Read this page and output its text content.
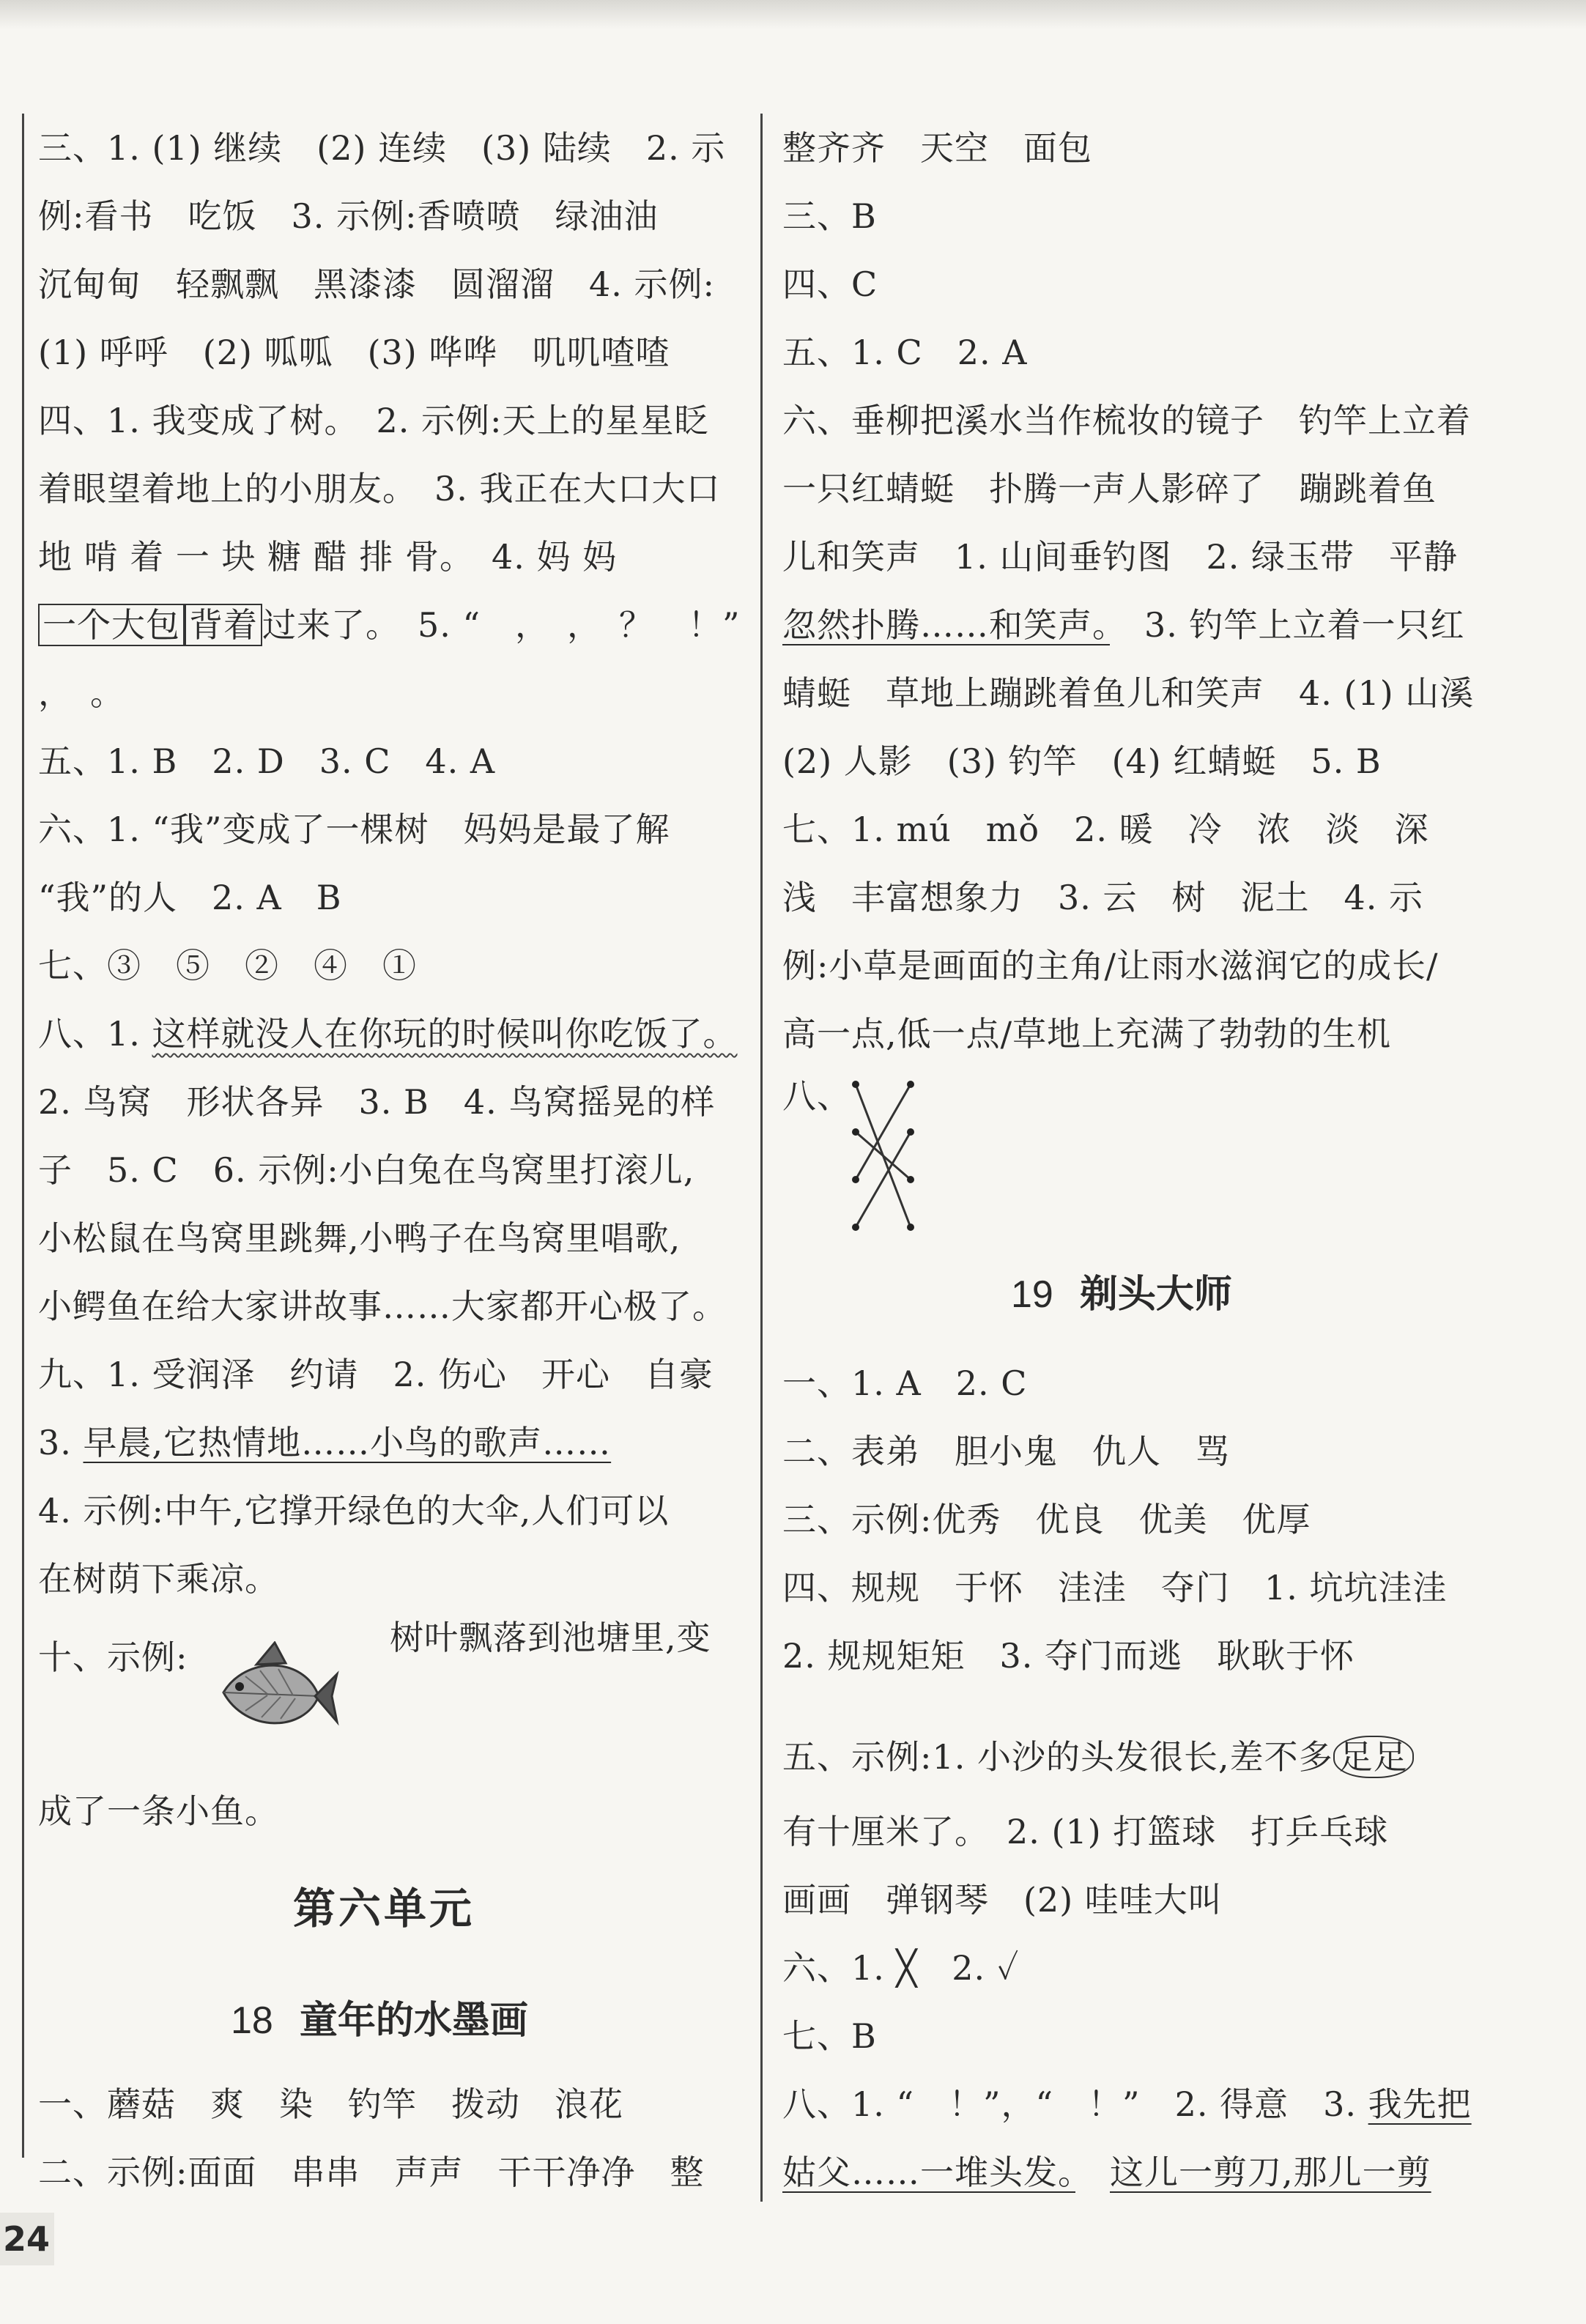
三、1. (1) 继续　(2) 连续　(3) 陆续　2. 示
例:看书　吃饭　3. 示例:香喷喷　绿油油
沉甸甸　轻飘飘　黑漆漆　圆溜溜　4. 示例:
(1) 呼呼　(2) 呱呱　(3) 哗哗　叽叽喳喳
四、1. 我变成了树。　2. 示例:天上的星星眨
着眼望着地上的小朋友。　3. 我正在大口大口
地 啃 着 一 块 糖 醋 排 骨。　4. 妈 妈
一个大包 背着 过来了。　5. “　，　，　？　！”
，　。
五、1. B　2. D　3. C　4. A
六、1. “我”变成了一棵树　妈妈是最了解
“我”的人　2. A　B
七、③　⑤　②　④　①
八、1. 这样就没人在你玩的时候叫你吃饭了。
2. 鸟窝　形状各异　3. B　4. 鸟窝摇晃的样
子　5. C　6. 示例:小白兔在鸟窝里打滚儿,
小松鼠在鸟窝里跳舞,小鸭子在鸟窝里唱歌,
小鳄鱼在给大家讲故事……大家都开心极了。
九、1. 受润泽　约请　2. 伤心　开心　自豪
3. 早晨,它热情地……小鸟的歌声……
4. 示例:中午,它撑开绿色的大伞,人们可以
在树荫下乘凉。
十、示例:	树叶飘落到池塘里,变
成了一条小鱼。
第六单元
18 童年的水墨画
一、蘑菇　爽　染　钓竿　拨动　浪花
二、示例:面面　串串　声声　干干净净　整
整齐齐　天空　面包
三、B
四、C
五、1. C　2. A
六、垂柳把溪水当作梳妆的镜子　钓竿上立着
一只红蜻蜓　扑腾一声人影碎了　蹦跳着鱼
儿和笑声　1. 山间垂钓图　2. 绿玉带　平静
忽然扑腾……和笑声。　3. 钓竿上立着一只红
蜻蜓　草地上蹦跳着鱼儿和笑声　4. (1) 山溪
(2) 人影　(3) 钓竿　(4) 红蜻蜓　5. B
七、1. mú　mǒ　2. 暖　冷　浓　淡　深
浅　丰富想象力　3. 云　树　泥土　4. 示
例:小草是画面的主角/让雨水滋润它的成长/
高一点,低一点/草地上充满了勃勃的生机
八、
19 剃头大师
一、1. A　2. C
二、表弟　胆小鬼　仇人　骂
三、示例:优秀　优良　优美　优厚
四、规规　于怀　洼洼　夺门　1. 坑坑洼洼
2. 规规矩矩　3. 夺门而逃　耿耿于怀
五、示例:1. 小沙的头发很长,差不多 足足
有十厘米了。　2. (1) 打篮球　打乒乓球
画画　弹钢琴　(2) 哇哇大叫
六、1. ╳　2. ✓
七、B
八、1. “　！”，“　！”　2. 得意　3. 我先把
姑父……一堆头发。　 这儿一剪刀,那儿一剪
24
